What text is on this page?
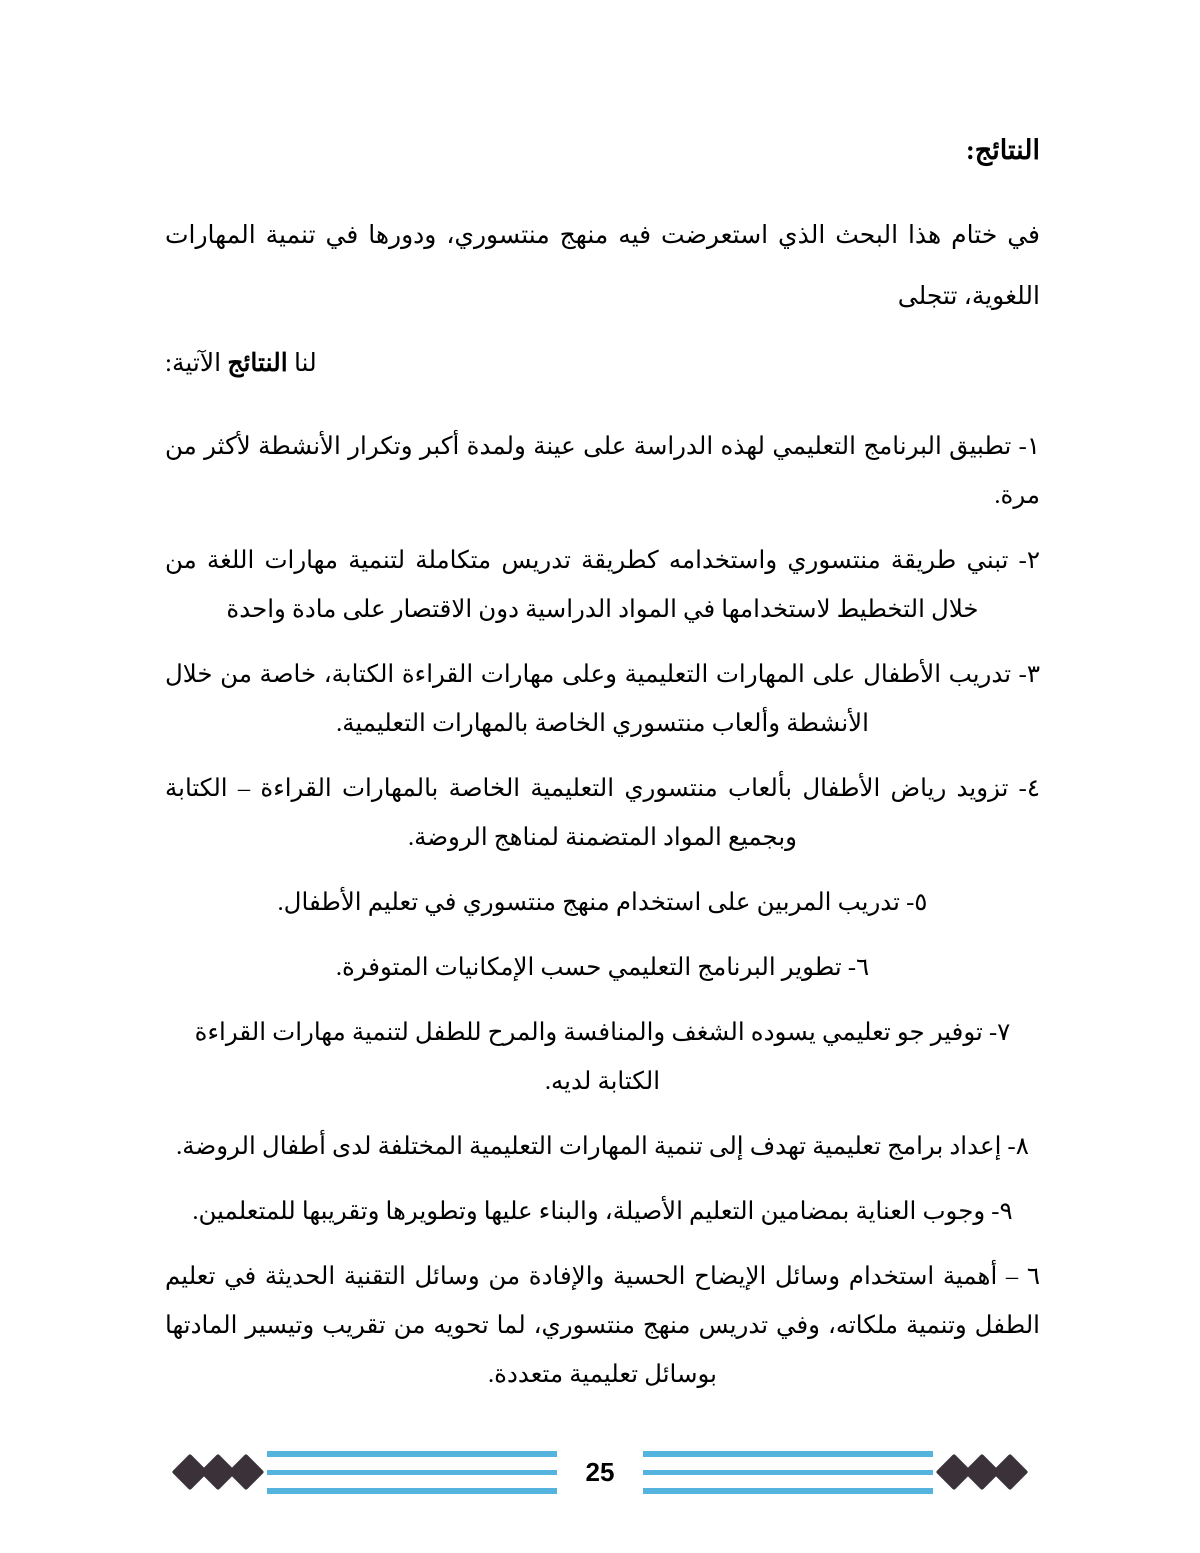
النتائج:

في ختام هذا البحث الذي استعرضت فيه منهج منتسوري، ودورها في تنمية المهارات اللغوية، تتجلى

لنا النتائج الآتية:

١- تطبيق البرنامج التعليمي لهذه الدراسة على عينة ولمدة أكبر وتكرار الأنشطة لأكثر من مرة.
٢- تبني طريقة منتسوري واستخدامه كطريقة تدريس متكاملة لتنمية مهارات اللغة من خلال التخطيط لاستخدامها في المواد الدراسية دون الاقتصار على مادة واحدة
٣- تدريب الأطفال على المهارات التعليمية وعلى مهارات القراءة الكتابة، خاصة من خلال الأنشطة وألعاب منتسوري الخاصة بالمهارات التعليمية.
٤- تزويد رياض الأطفال بألعاب منتسوري التعليمية الخاصة بالمهارات القراءة – الكتابة وبجميع المواد المتضمنة لمناهج الروضة.
٥- تدريب المربين على استخدام منهج منتسوري في تعليم الأطفال.
٦- تطوير البرنامج التعليمي حسب الإمكانيات المتوفرة.
٧- توفير جو تعليمي يسوده الشغف والمنافسة والمرح للطفل لتنمية مهارات القراءة الكتابة لديه.
٨- إعداد برامج تعليمية تهدف إلى تنمية المهارات التعليمية المختلفة لدى أطفال الروضة.
٩- وجوب العناية بمضامين التعليم الأصيلة، والبناء عليها وتطويرها وتقريبها للمتعلمين.
٦ – أهمية استخدام وسائل الإيضاح الحسية والإفادة من وسائل التقنية الحديثة في تعليم الطفل وتنمية ملكاته، وفي تدريس منهج منتسوري، لما تحويه من تقريب وتيسير المادتها بوسائل تعليمية متعددة.
25
